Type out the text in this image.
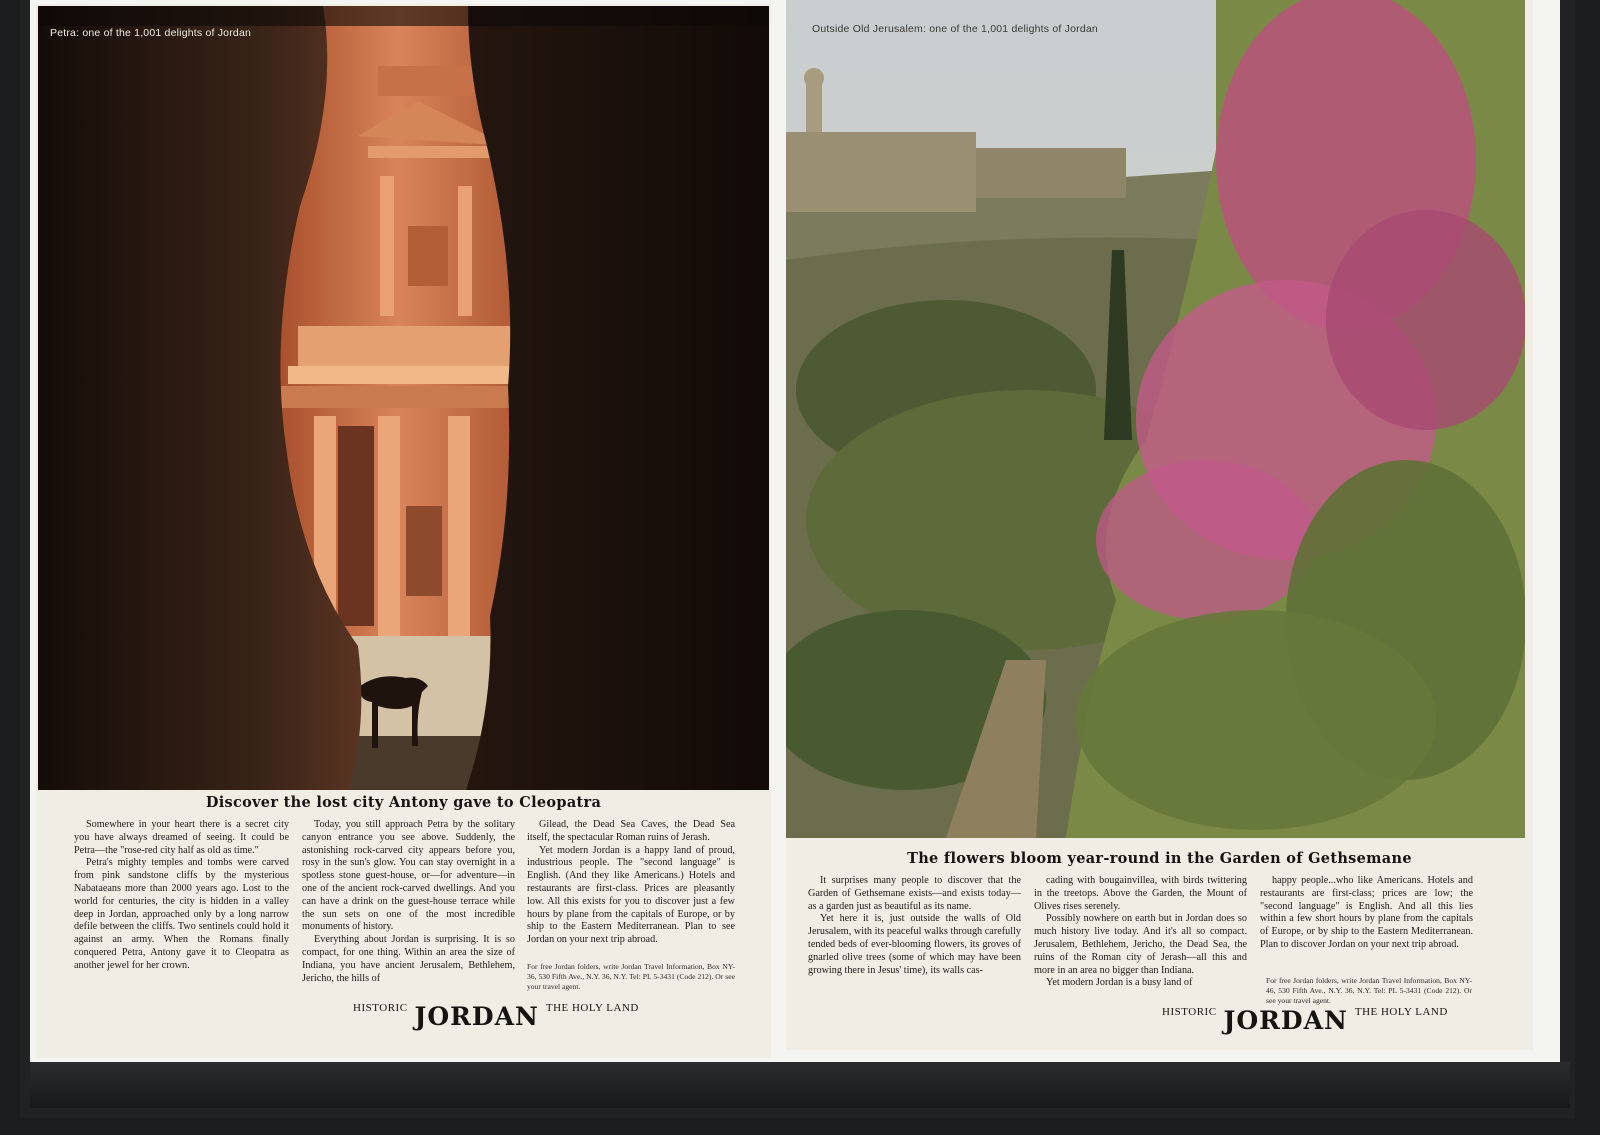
Petra: one of the 1,001 delights of Jordan
Discover the lost city Antony gave to Cleopatra

Somewhere in your heart there is a secret city you have always dreamed of seeing. It could be Petra—the "rose-red city half as old as time."

Petra's mighty temples and tombs were carved from pink sandstone cliffs by the mysterious Nabataeans more than 2000 years ago. Lost to the world for centuries, the city is hidden in a valley deep in Jordan, approached only by a long narrow defile between the cliffs. Two sentinels could hold it against an army. When the Romans finally conquered Petra, Antony gave it to Cleopatra as another jewel for her crown.

Today, you still approach Petra by the solitary canyon entrance you see above. Suddenly, the astonishing rock-carved city appears before you, rosy in the sun's glow. You can stay overnight in a spotless stone guest-house, or—for adventure—in one of the ancient rock-carved dwellings. And you can have a drink on the guest-house terrace while the sun sets on one of the most incredible monuments of history.

Everything about Jordan is surprising. It is so compact, for one thing. Within an area the size of Indiana, you have ancient Jerusalem, Bethlehem, Jericho, the hills of

Gilead, the Dead Sea Caves, the Dead Sea itself, the spectacular Roman ruins of Jerash.

Yet modern Jordan is a happy land of proud, industrious people. The "second language" is English. (And they like Americans.) Hotels and restaurants are first-class. Prices are pleasantly low. All this exists for you to discover just a few hours by plane from the capitals of Europe, or by ship to the Eastern Mediterranean. Plan to see Jordan on your next trip abroad.

For free Jordan folders, write Jordan Travel Information, Box NY-36, 530 Fifth Ave., N.Y. 36, N.Y. Tel: PL 5-3431 (Code 212). Or see your travel agent.
$^{HISTORIC}$ JORDAN $^{THE HOLY LAND}$
Outside Old Jerusalem: one of the 1,001 delights of Jordan
The flowers bloom year-round in the Garden of Gethsemane

It surprises many people to discover that the Garden of Gethsemane exists—and exists today—as a garden just as beautiful as its name.

Yet here it is, just outside the walls of Old Jerusalem, with its peaceful walks through carefully tended beds of ever-blooming flowers, its groves of gnarled olive trees (some of which may have been growing there in Jesus' time), its walls cas-

cading with bougainvillea, with birds twittering in the treetops. Above the Garden, the Mount of Olives rises serenely.

Possibly nowhere on earth but in Jordan does so much history live today. And it's all so compact. Jerusalem, Bethlehem, Jericho, the Dead Sea, the ruins of the Roman city of Jerash—all this and more in an area no bigger than Indiana.

Yet modern Jordan is a busy land of

happy people...who like Americans. Hotels and restaurants are first-class; prices are low; the "second language" is English. And all this lies within a few short hours by plane from the capitals of Europe, or by ship to the Eastern Mediterranean. Plan to discover Jordan on your next trip abroad.

For free Jordan folders, write Jordan Travel Information, Box NY-46, 530 Fifth Ave., N.Y. 36, N.Y. Tel: PL 5-3431 (Code 212). Or see your travel agent.
$^{HISTORIC}$ JORDAN $^{THE HOLY LAND}$
